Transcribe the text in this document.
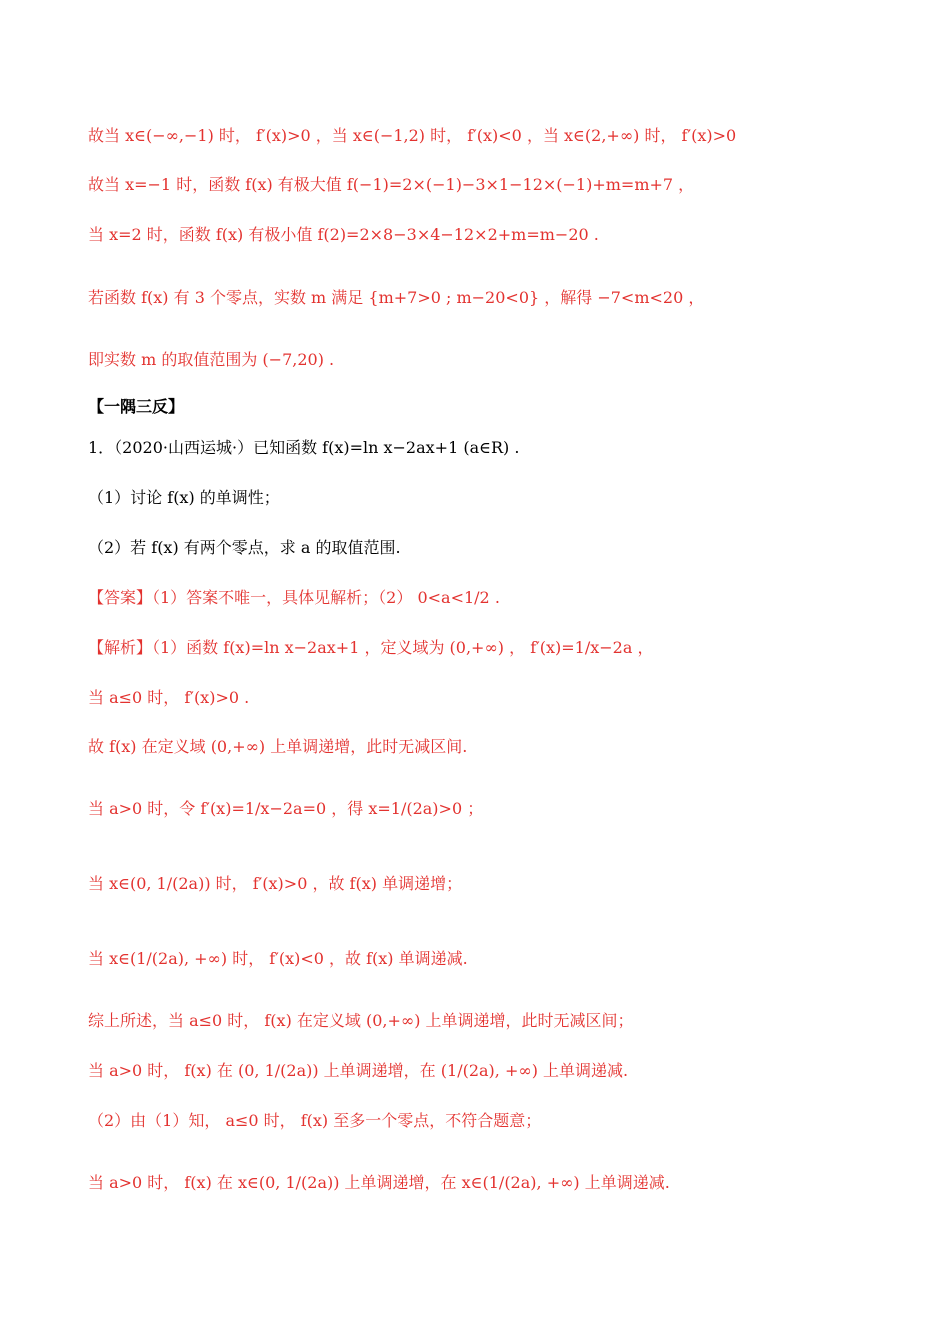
故当 x∈(−∞,−1) 时， f′(x)>0 ，当 x∈(−1,2) 时， f′(x)<0 ，当 x∈(2,+∞) 时， f′(x)>0
故当 x=−1 时，函数 f(x) 有极大值 f(−1)=2×(−1)−3×1−12×(−1)+m=m+7 ，
当 x=2 时，函数 f(x) 有极小值 f(2)=2×8−3×4−12×2+m=m−20 .
若函数 f(x) 有 3 个零点，实数 m 满足 {m+7>0 ; m−20<0} ，解得 −7<m<20 ，
即实数 m 的取值范围为 (−7,20) .
【一隅三反】
1．（2020·山西运城·）已知函数 f(x)=ln x−2ax+1 (a∈R) .
（1）讨论 f(x) 的单调性；
（2）若 f(x) 有两个零点，求 a 的取值范围.
【答案】（1）答案不唯一，具体见解析；（2） 0<a<1/2 .
【解析】（1）函数 f(x)=ln x−2ax+1 ，定义域为 (0,+∞) ， f′(x)=1/x−2a ，
当 a≤0 时， f′(x)>0 .
故 f(x) 在定义域 (0,+∞) 上单调递增，此时无减区间.
当 a>0 时，令 f′(x)=1/x−2a=0 ，得 x=1/(2a)>0 ；
当 x∈(0, 1/(2a)) 时， f′(x)>0 ，故 f(x) 单调递增；
当 x∈(1/(2a), +∞) 时， f′(x)<0 ，故 f(x) 单调递减.
综上所述，当 a≤0 时， f(x) 在定义域 (0,+∞) 上单调递增，此时无减区间；
当 a>0 时， f(x) 在 (0, 1/(2a)) 上单调递增，在 (1/(2a), +∞) 上单调递减.
（2）由（1）知， a≤0 时， f(x) 至多一个零点，不符合题意；
当 a>0 时， f(x) 在 x∈(0, 1/(2a)) 上单调递增，在 x∈(1/(2a), +∞) 上单调递减.
